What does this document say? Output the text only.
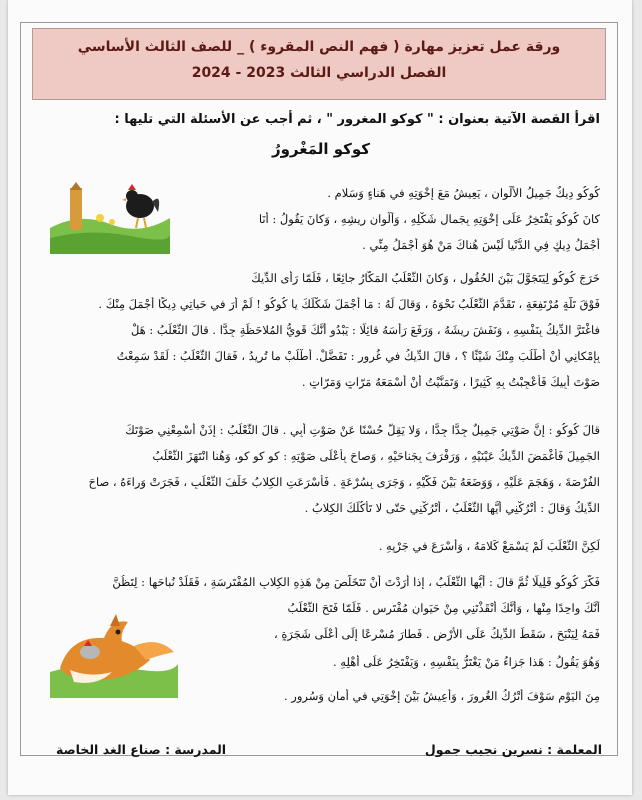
ورقة عمل تعزيز مهارة ( فهم النص المقروء ) _ للصف الثالث الأساسي
الفصل الدراسي الثالث 2023 - 2024
اقرأ القصة الآتية بعنوان : " كوكو المغرور " ، ثم أجب عن الأسئلة التي تليها :
كوكو المَغْرورُ
كُوكُو دِيكٌ جَمِيلُ الأَلْوانِ ، يَعِيشُ مَعَ إِخْوَتِهِ في هَناءٍ وَسَلامٍ .
كانَ كُوكُو يَفْتَخِرُ عَلَى إِخْوَتِهِ بِجَمالِ شَكْلِهِ ، وَأَلْوانِ رِيشِهِ ، وَكانَ يَقُولُ : أَنَا
أَجْمَلُ دِيكٍ فِي الدُّنْيا لَيْسَ هُناكَ مَنْ هُوَ أَجْمَلُ مِنِّي .
خَرَجَ كُوكُو لِيَتَجَوَّلَ بَيْنَ الحُقُولِ ، وَكانَ الثَّعْلَبُ المَكّارُ جائِعًا ، فَلَمّا رَأَى الدِّيكَ
فَوْقَ تَلَّةٍ مُرْتَفِعَةٍ ، تَقَدَّمَ الثَّعْلَبُ نَحْوَهُ ، وَقالَ لَهُ : مَا أَجْمَلَ شَكْلَكَ يا كُوكُو ! لَمْ أَرَ في حَياتِي دِيكًا أَجْمَلَ مِنْكَ .
فاغْتَرَّ الدِّيكُ بِنَفْسِهِ ، وَنَفَشَ رِيشَهُ ، وَرَفَعَ رَأْسَهُ قائِلًا : يَبْدُو أَنَّكَ قَوِيُّ المُلاحَظَةِ جِدًّا . قالَ الثَّعْلَبُ : هَلْ
بِإِمْكانِي أَنْ أَطْلُبَ مِنْكَ شَيْئًا ؟ ، قالَ الدِّيكُ في غُرورٍ : تَفَضَّلْ. أَطْلُبْ ما تُرِيدُ ، فَقالَ الثَّعْلَبُ : لَقَدْ سَمِعْتُ
صَوْتَ أَبِيكَ فَأُعْجِبْتُ بِهِ كَثِيرًا ، وَتَمَنَّيْتُ أَنْ أَسْمَعَهُ مَرّاتٍ وَمَرّاتٍ .
قالَ كُوكُو : إِنَّ صَوْتِي جَمِيلٌ جِدًّا جِدًّا ، وَلا يَقِلُّ حُسْنًا عَنْ صَوْتِ أَبِي . قالَ الثَّعْلَبُ : إِذَنْ أَسْمِعْنِي صَوْتَكَ
الجَمِيلَ فَأَغْمَضَ الدِّيكُ عَيْنَيْهِ ، وَرَفْرَفَ بِجَناحَيْهِ ، وَصاحَ بِأَعْلَى صَوْتِهِ : كو كو كو، وَهُنا انْتَهَزَ الثَّعْلَبُ
الفُرْصَةَ ، وَهَجَمَ عَلَيْهِ ، وَوَضَعَهُ بَيْنَ فَكَّيْهِ ، وَجَرَى بِسُرْعَةٍ . فَأَسْرَعَتِ الكِلابُ خَلْفَ الثَّعْلَبِ ، فَجَرَتْ وَراءَهُ ، صاحَ
الدِّيكُ وَقالَ : أَتْرُكْنِي أَيُّها الثَّعْلَبُ ، أَتْرُكْنِي حَتّى لا تَأْكُلَكَ الكِلابُ .
لَكِنَّ الثَّعْلَبَ لَمْ يَسْمَعْ كَلامَهُ ، وَأَسْرَعَ في جَرْيِهِ .
فَكَّرَ كُوكُو قَلِيلًا ثُمَّ قالَ : أَيُّها الثَّعْلَبُ ، إِذا أَرَدْتَ أَنْ تَتَخَلَّصَ مِنْ هَذِهِ الكِلابِ المُفْتَرِسَةِ ، فَقَلِّدْ نُباحَها : لِتَظُنَّ
أَنَّكَ واحِدًا مِنْها ، وَأَنَّكَ أَنْقَذْتَنِي مِنْ حَيَوانٍ مُفْتَرِسٍ . فَلَمّا فَتَحَ الثَّعْلَبُ
فَمَهُ لِيَنْبَحَ ، سَقَطَ الدِّيكُ عَلَى الأَرْضِ . فَطارَ مُسْرِعًا إِلَى أَعْلَى شَجَرَةٍ ،
وَهُوَ يَقُولُ : هَذا جَزاءُ مَنْ يَغْتَرُّ بِنَفْسِهِ ، وَيَفْتَخِرُ عَلَى أَهْلِهِ .
مِنَ اليَوْمِ سَوْفَ أَتْرُكُ الغُرورَ ، وَأَعِيشُ بَيْنَ إِخْوَتِي في أَمانٍ وَسُرورٍ .
المعلمة : نسرين نجيب جمول
المدرسة : صناع الغد الخاصة
